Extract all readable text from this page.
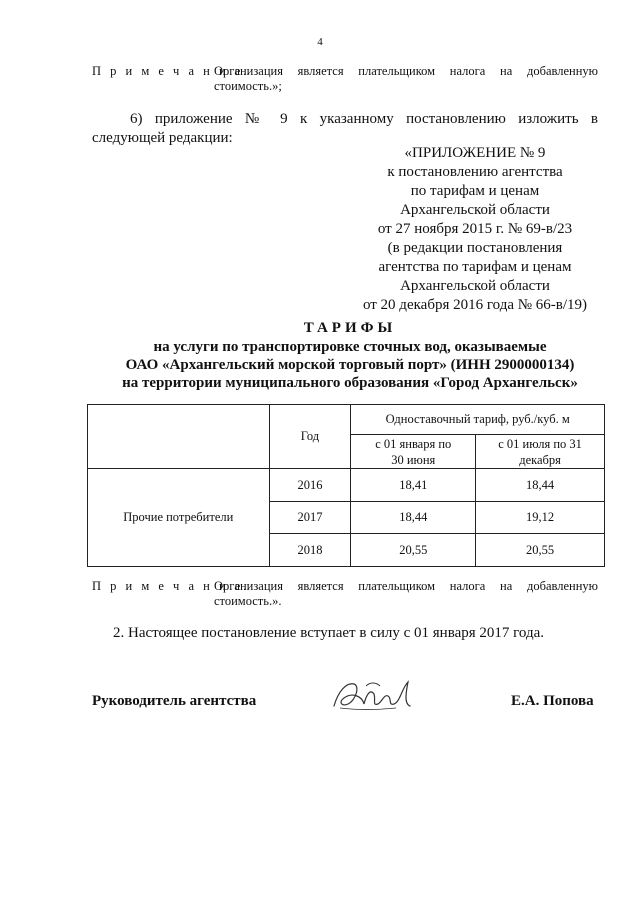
4
П р и м е ч а н и е.
Организация является плательщиком налога на добавленную
стоимость.»;
6) приложение № 9 к указанному постановлению изложить в
следующей редакции:
«ПРИЛОЖЕНИЕ № 9
к постановлению агентства
по тарифам и ценам
Архангельской области
от 27 ноября 2015 г. № 69-в/23
(в редакции постановления
агентства по тарифам и ценам
Архангельской области
от 20 декабря 2016 года № 66-в/19)
ТАРИФЫ
на услуги по транспортировке сточных вод, оказываемые
ОАО «Архангельский морской торговый порт» (ИНН 2900000134)
на территории муниципального образования «Город Архангельск»
	Год	Одноставочный тариф, руб./куб. м	
		с 01 января по 30 июня	с 01 июля по 31 декабря
Прочие потребители	2016	18,41	18,44
	2017	18,44	19,12
	2018	20,55	20,55
П р и м е ч а н и е.
Организация является плательщиком налога на добавленную
стоимость.».
2. Настоящее постановление вступает в силу с 01 января 2017 года.
Руководитель агентства	Е.А. Попова
